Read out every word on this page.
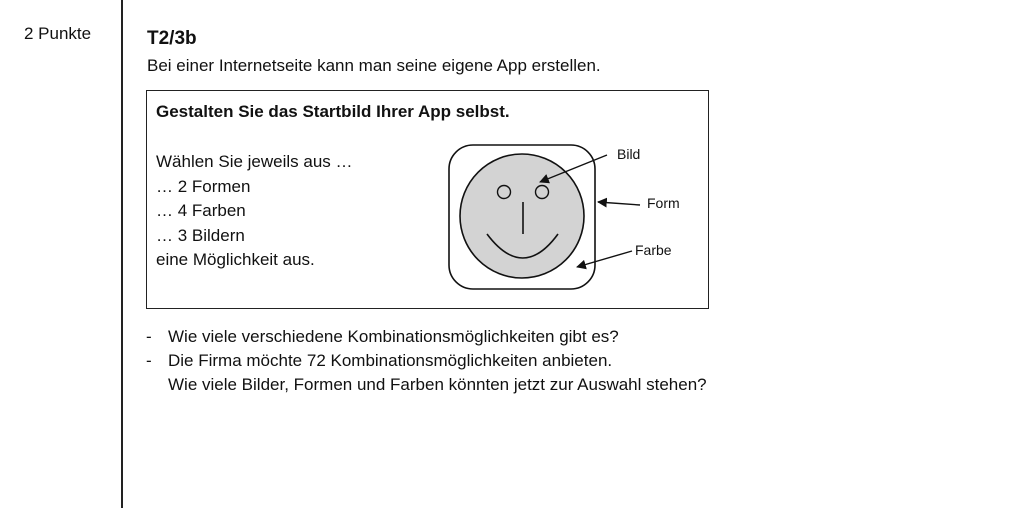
2 Punkte	T2/3b
Bei einer Internetseite kann man seine eigene App erstellen.
Gestalten Sie das Startbild Ihrer App selbst.
Wählen Sie jeweils aus …
… 2 Formen
… 4 Farben
… 3 Bildern
eine Möglichkeit aus.
Bild
Form
Farbe
- Wie viele verschiedene Kombinationsmöglichkeiten gibt es?
- Die Firma möchte 72 Kombinationsmöglichkeiten anbieten.
Wie viele Bilder, Formen und Farben könnten jetzt zur Auswahl stehen?
